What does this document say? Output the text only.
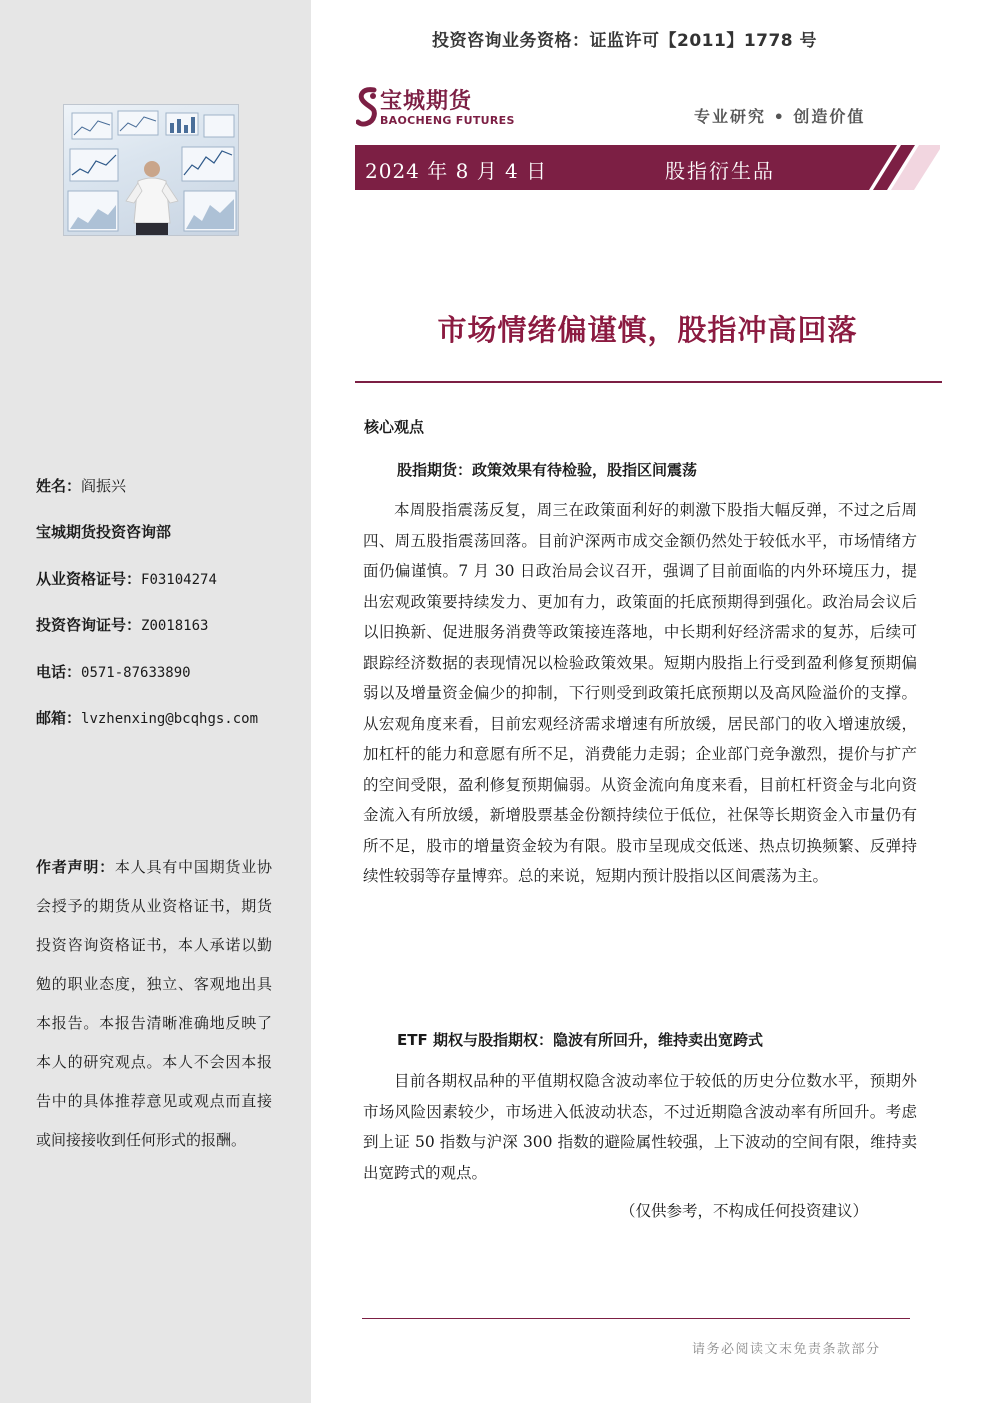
姓名：阎振兴
宝城期货投资咨询部
从业资格证号：F03104274
投资咨询证号：Z0018163
电话：0571-87633890
邮箱：lvzhenxing@bcqhgs.com
作者声明：本人具有中国期货业协会授予的期货从业资格证书，期货投资咨询资格证书，本人承诺以勤勉的职业态度，独立、客观地出具本报告。本报告清晰准确地反映了本人的研究观点。本人不会因本报告中的具体推荐意见或观点而直接或间接接收到任何形式的报酬。
投资咨询业务资格：证监许可【2011】1778 号
宝城期货
BAOCHENG FUTURES	专业研究 • 创造价值
2024 年 8 月 4 日	股指衍生品
市场情绪偏谨慎，股指冲高回落
核心观点
股指期货：政策效果有待检验，股指区间震荡
本周股指震荡反复，周三在政策面利好的刺激下股指大幅反弹，不过之后周四、周五股指震荡回落。目前沪深两市成交金额仍然处于较低水平，市场情绪方面仍偏谨慎。7 月 30 日政治局会议召开，强调了目前面临的内外环境压力，提出宏观政策要持续发力、更加有力，政策面的托底预期得到强化。政治局会议后以旧换新、促进服务消费等政策接连落地，中长期利好经济需求的复苏，后续可跟踪经济数据的表现情况以检验政策效果。短期内股指上行受到盈利修复预期偏弱以及增量资金偏少的抑制，下行则受到政策托底预期以及高风险溢价的支撑。从宏观角度来看，目前宏观经济需求增速有所放缓，居民部门的收入增速放缓，加杠杆的能力和意愿有所不足，消费能力走弱；企业部门竞争激烈，提价与扩产的空间受限，盈利修复预期偏弱。从资金流向角度来看，目前杠杆资金与北向资金流入有所放缓，新增股票基金份额持续位于低位，社保等长期资金入市量仍有所不足，股市的增量资金较为有限。股市呈现成交低迷、热点切换频繁、反弹持续性较弱等存量博弈。总的来说，短期内预计股指以区间震荡为主。
ETF 期权与股指期权：隐波有所回升，维持卖出宽跨式
目前各期权品种的平值期权隐含波动率位于较低的历史分位数水平，预期外市场风险因素较少，市场进入低波动状态，不过近期隐含波动率有所回升。考虑到上证 50 指数与沪深 300 指数的避险属性较强，上下波动的空间有限，维持卖出宽跨式的观点。
（仅供参考，不构成任何投资建议）
请务必阅读文末免责条款部分
